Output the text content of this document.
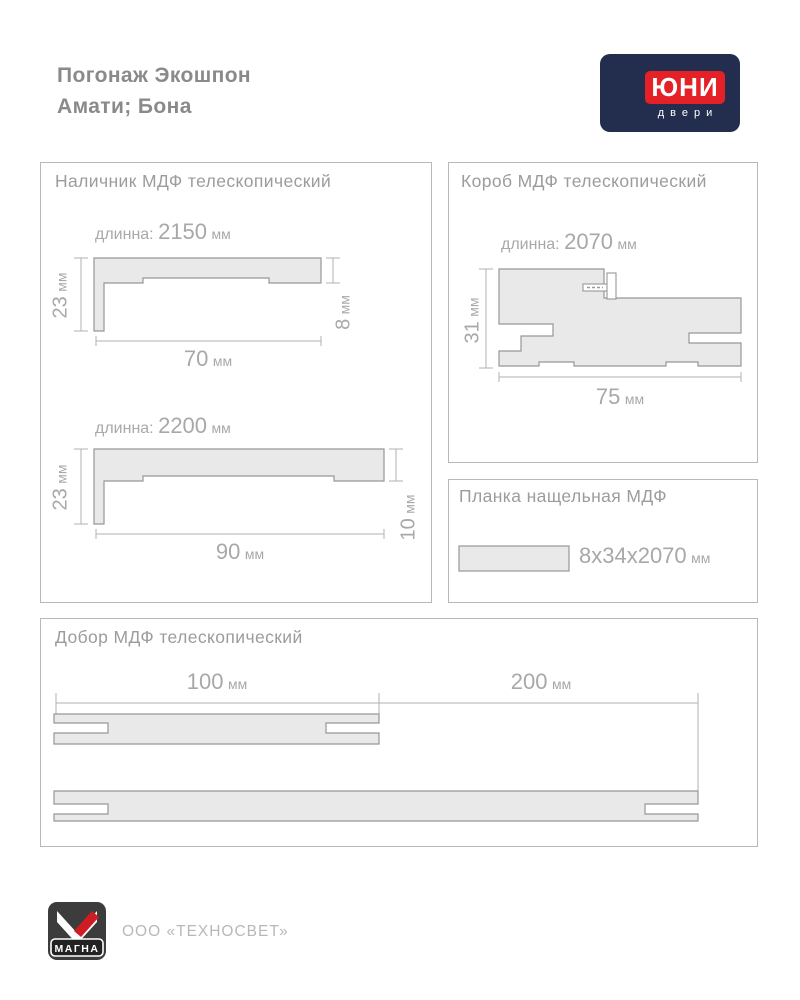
Погонаж Экошпон
Амати; Бона
ЮНИ
двери
Наличник МДФ телескопический
длинна: 2150 мм
23 мм
70 мм
8 мм
длинна: 2200 мм
23 мм
90 мм
10 мм
Короб МДФ телескопический
длинна: 2070 мм
31 мм
75 мм
Планка нащельная МДФ
8х34х2070 мм
Добор МДФ телескопический
100 мм	200 мм
МАГНА
ООО «ТЕХНОСВЕТ»
